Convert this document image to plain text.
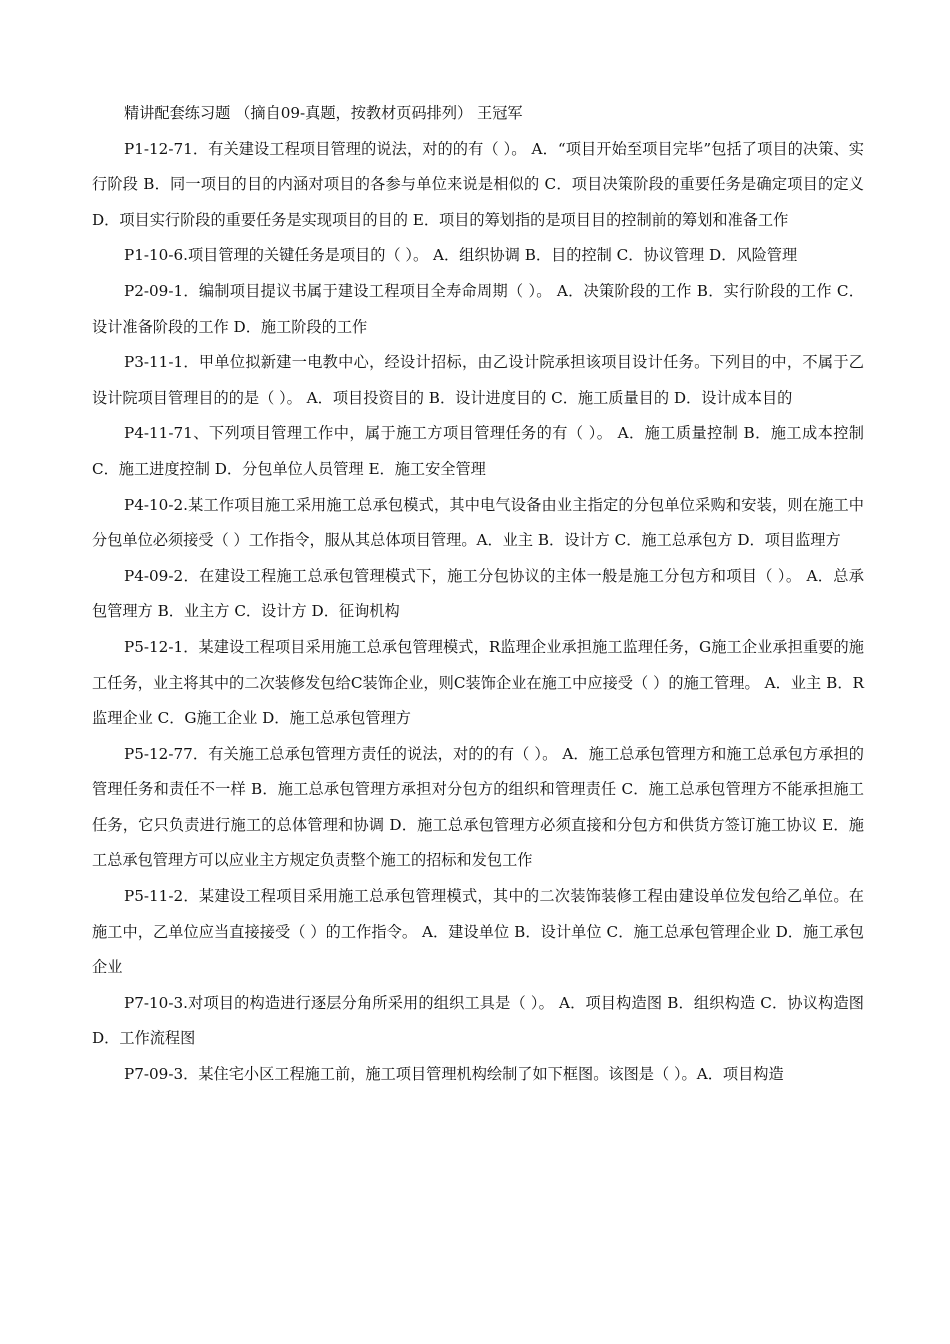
精讲配套练习题 （摘自09-真题，按教材页码排列） 王冠军

P1-12-71．有关建设工程项目管理的说法，对的的有（ ）。 A．“项目开始至项目完毕”包括了项目的决策、实行阶段 B．同一项目的目的内涵对项目的各参与单位来说是相似的 C．项目决策阶段的重要任务是确定项目的定义 D．项目实行阶段的重要任务是实现项目的目的 E．项目的筹划指的是项目目的控制前的筹划和准备工作

P1-10-6.项目管理的关键任务是项目的（ ）。 A．组织协调 B．目的控制 C．协议管理 D．风险管理

P2-09-1．编制项目提议书属于建设工程项目全寿命周期（ ）。 A．决策阶段的工作 B．实行阶段的工作 C．设计准备阶段的工作 D．施工阶段的工作

P3-11-1．甲单位拟新建一电教中心，经设计招标，由乙设计院承担该项目设计任务。下列目的中，不属于乙设计院项目管理目的的是（ ）。 A．项目投资目的 B．设计进度目的 C．施工质量目的 D．设计成本目的

P4-11-71、下列项目管理工作中，属于施工方项目管理任务的有（ ）。 A．施工质量控制 B．施工成本控制 C．施工进度控制 D．分包单位人员管理 E．施工安全管理

P4-10-2.某工作项目施工采用施工总承包模式，其中电气设备由业主指定的分包单位采购和安装，则在施工中分包单位必须接受（ ）工作指令，服从其总体项目管理。A．业主 B．设计方 C．施工总承包方 D．项目监理方

P4-09-2．在建设工程施工总承包管理模式下，施工分包协议的主体一般是施工分包方和项目（ ）。 A．总承包管理方 B．业主方 C．设计方 D．征询机构

P5-12-1．某建设工程项目采用施工总承包管理模式，R监理企业承担施工监理任务，G施工企业承担重要的施工任务，业主将其中的二次装修发包给C装饰企业，则C装饰企业在施工中应接受（ ）的施工管理。 A．业主 B．R监理企业 C．G施工企业 D．施工总承包管理方

P5-12-77．有关施工总承包管理方责任的说法，对的的有（ ）。 A．施工总承包管理方和施工总承包方承担的管理任务和责任不一样 B．施工总承包管理方承担对分包方的组织和管理责任 C．施工总承包管理方不能承担施工任务，它只负责进行施工的总体管理和协调 D．施工总承包管理方必须直接和分包方和供货方签订施工协议 E．施工总承包管理方可以应业主方规定负责整个施工的招标和发包工作

P5-11-2．某建设工程项目采用施工总承包管理模式，其中的二次装饰装修工程由建设单位发包给乙单位。在施工中，乙单位应当直接接受（ ）的工作指令。 A．建设单位 B．设计单位 C．施工总承包管理企业 D．施工承包企业

P7-10-3.对项目的构造进行逐层分角所采用的组织工具是（ ）。 A．项目构造图 B．组织构造 C．协议构造图 D．工作流程图

P7-09-3．某住宅小区工程施工前，施工项目管理机构绘制了如下框图。该图是（ ）。A．项目构造
